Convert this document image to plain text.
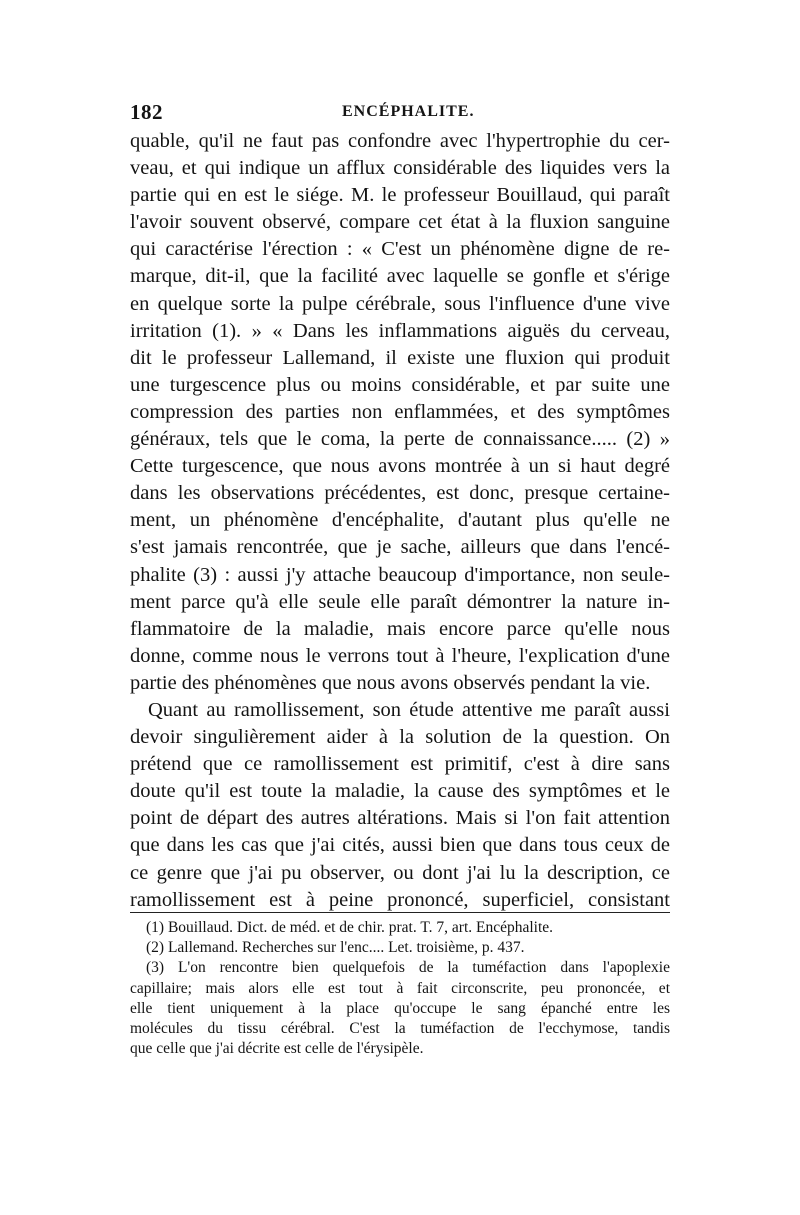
182	ENCÉPHALITE.
quable, qu'il ne faut pas confondre avec l'hypertrophie du cer-
veau, et qui indique un afflux considérable des liquides vers la
partie qui en est le siége. M. le professeur Bouillaud, qui paraît
l'avoir souvent observé, compare cet état à la fluxion sanguine
qui caractérise l'érection : « C'est un phénomène digne de re-
marque, dit-il, que la facilité avec laquelle se gonfle et s'érige
en quelque sorte la pulpe cérébrale, sous l'influence d'une vive
irritation (1). » « Dans les inflammations aiguës du cerveau,
dit le professeur Lallemand, il existe une fluxion qui produit
une turgescence plus ou moins considérable, et par suite une
compression des parties non enflammées, et des symptômes
généraux, tels que le coma, la perte de connaissance..... (2) »
Cette turgescence, que nous avons montrée à un si haut degré
dans les observations précédentes, est donc, presque certaine-
ment, un phénomène d'encéphalite, d'autant plus qu'elle ne
s'est jamais rencontrée, que je sache, ailleurs que dans l'encé-
phalite (3) : aussi j'y attache beaucoup d'importance, non seule-
ment parce qu'à elle seule elle paraît démontrer la nature in-
flammatoire de la maladie, mais encore parce qu'elle nous
donne, comme nous le verrons tout à l'heure, l'explication d'une
partie des phénomènes que nous avons observés pendant la vie.
Quant au ramollissement, son étude attentive me paraît aussi
devoir singulièrement aider à la solution de la question. On
prétend que ce ramollissement est primitif, c'est à dire sans
doute qu'il est toute la maladie, la cause des symptômes et le
point de départ des autres altérations. Mais si l'on fait attention
que dans les cas que j'ai cités, aussi bien que dans tous ceux de
ce genre que j'ai pu observer, ou dont j'ai lu la description, ce
ramollissement est à peine prononcé, superficiel, consistant
(1) Bouillaud. Dict. de méd. et de chir. prat. T. 7, art. Encéphalite.
(2) Lallemand. Recherches sur l'enc.... Let. troisième, p. 437.
(3) L'on rencontre bien quelquefois de la tuméfaction dans l'apoplexie
capillaire; mais alors elle est tout à fait circonscrite, peu prononcée, et
elle tient uniquement à la place qu'occupe le sang épanché entre les
molécules du tissu cérébral. C'est la tuméfaction de l'ecchymose, tandis
que celle que j'ai décrite est celle de l'érysipèle.
